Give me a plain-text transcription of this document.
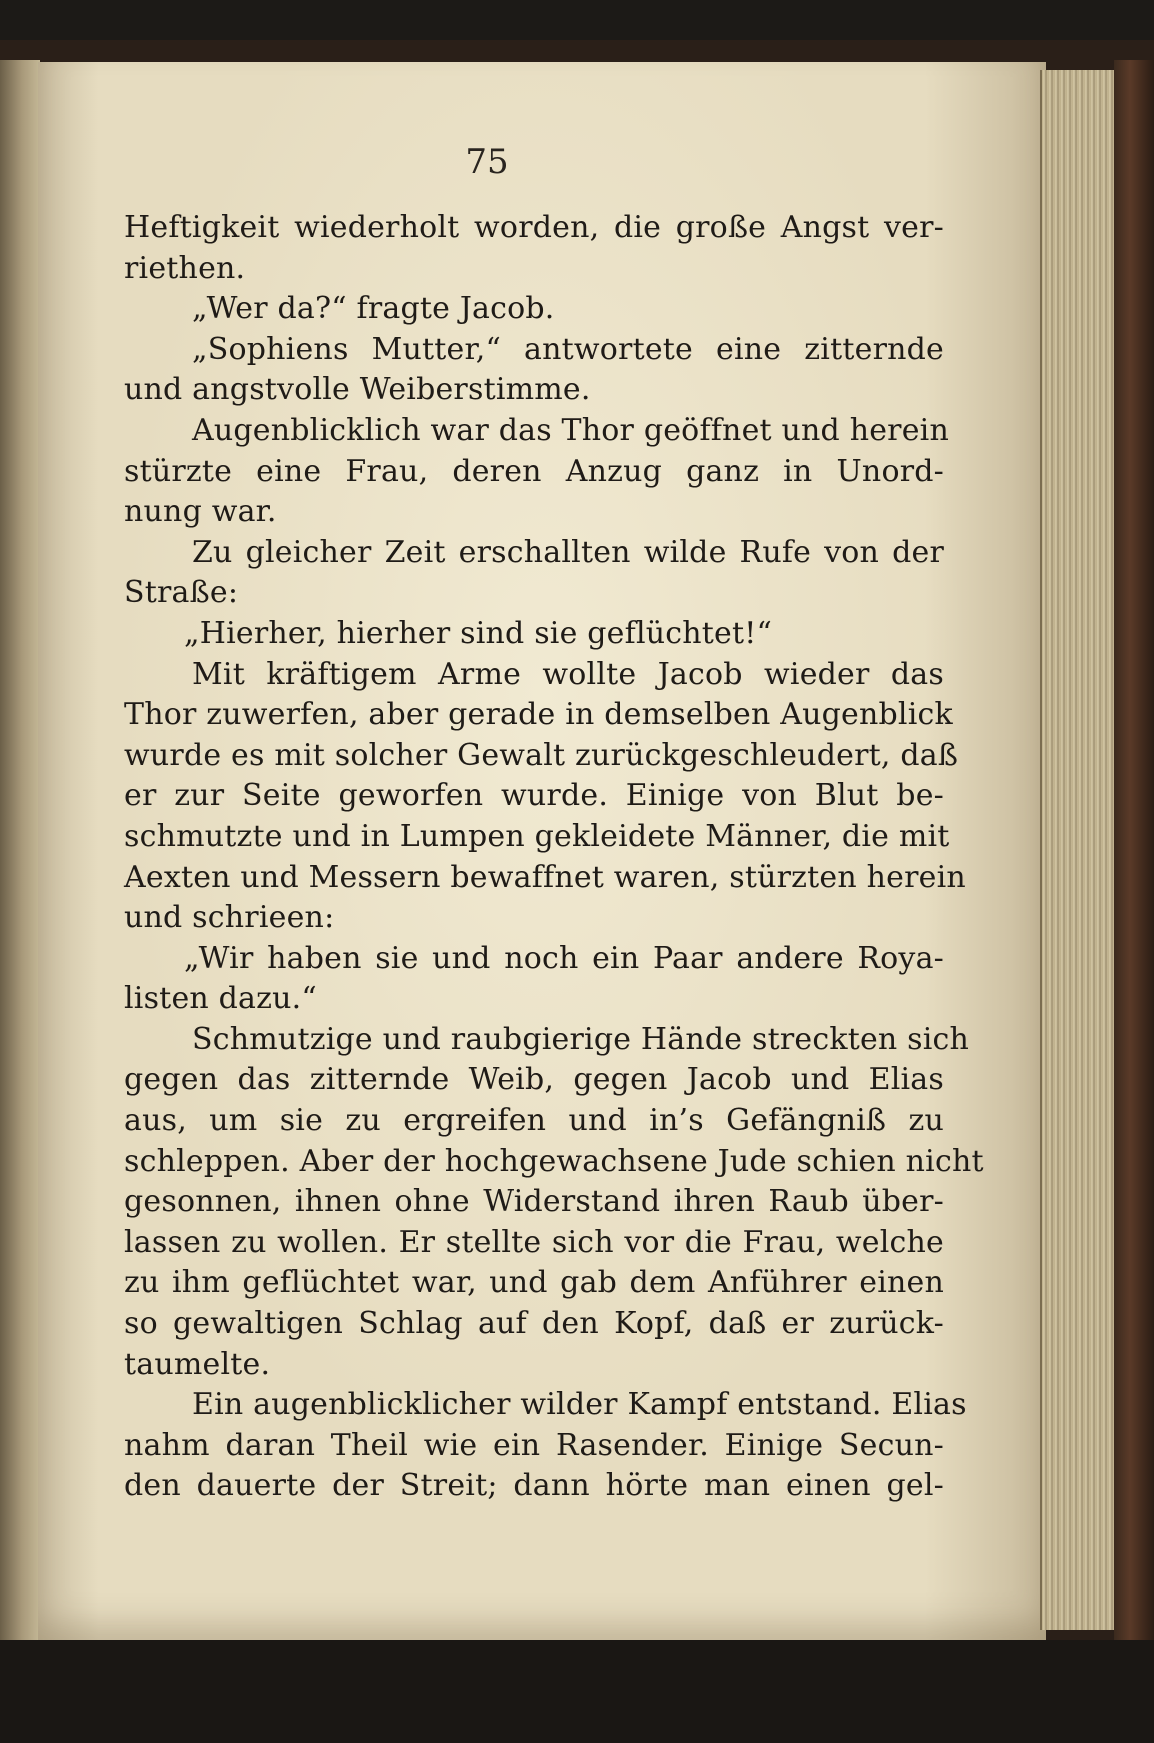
75
Heftigkeit wiederholt worden, die große Angst ver-
riethen.
„Wer da?“ fragte Jacob.
„Sophiens Mutter,“ antwortete eine zitternde
und angstvolle Weiberstimme.
Augenblicklich war das Thor geöffnet und herein
stürzte eine Frau, deren Anzug ganz in Unord-
nung war.
Zu gleicher Zeit erschallten wilde Rufe von der
Straße:
„Hierher, hierher sind sie geflüchtet!“
Mit kräftigem Arme wollte Jacob wieder das
Thor zuwerfen, aber gerade in demselben Augenblick
wurde es mit solcher Gewalt zurückgeschleudert, daß
er zur Seite geworfen wurde. Einige von Blut be-
schmutzte und in Lumpen gekleidete Männer, die mit
Aexten und Messern bewaffnet waren, stürzten herein
und schrieen:
„Wir haben sie und noch ein Paar andere Roya-
listen dazu.“
Schmutzige und raubgierige Hände streckten sich
gegen das zitternde Weib, gegen Jacob und Elias
aus, um sie zu ergreifen und in’s Gefängniß zu
schleppen. Aber der hochgewachsene Jude schien nicht
gesonnen, ihnen ohne Widerstand ihren Raub über-
lassen zu wollen. Er stellte sich vor die Frau, welche
zu ihm geflüchtet war, und gab dem Anführer einen
so gewaltigen Schlag auf den Kopf, daß er zurück-
taumelte.
Ein augenblicklicher wilder Kampf entstand. Elias
nahm daran Theil wie ein Rasender. Einige Secun-
den dauerte der Streit; dann hörte man einen gel-
